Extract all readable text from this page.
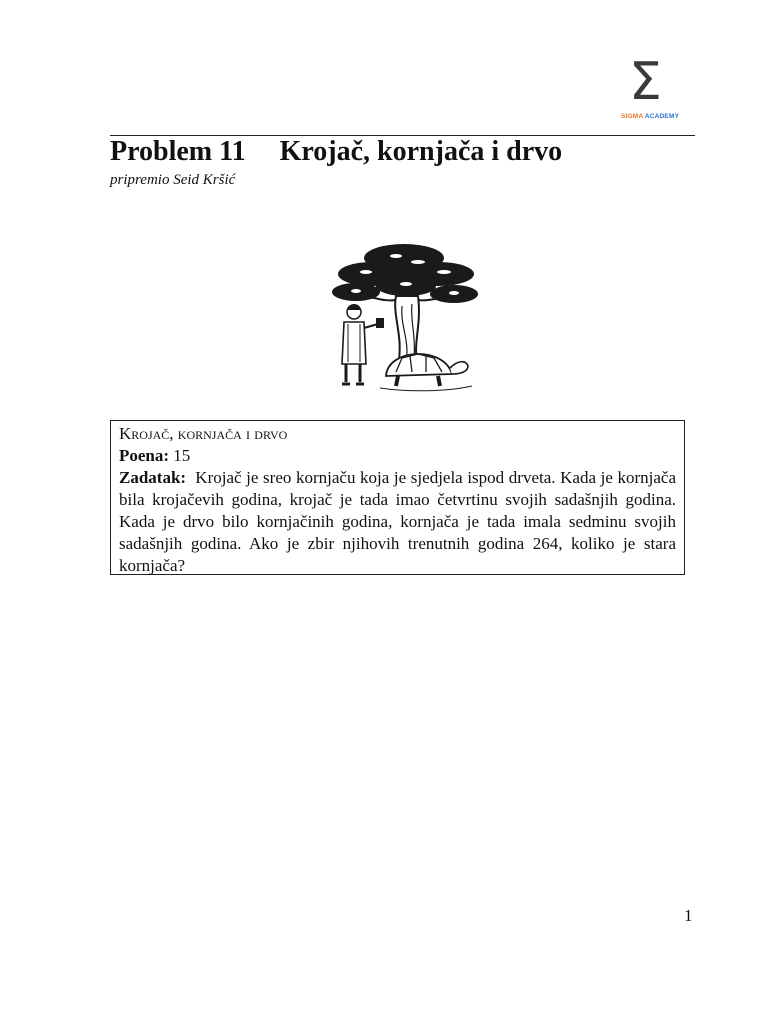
Σ
SIGMA ACADEMY
Problem 11 Krojač, kornjača i drvo
pripremio Seid Kršić

Krojač, kornjača i drvo

Poena: 15

Zadatak: Krojač je sreo kornjaču koja je sjedjela ispod drveta. Kada je kornjača bila krojačevih godina, krojač je tada imao četvrtinu svojih sadašnjih godina. Kada je drvo bilo kornjačinih godina, kornjača je tada imala sedminu svojih sadašnjih godina. Ako je zbir njihovih trenutnih godina 264, koliko je stara kornjača?

1
